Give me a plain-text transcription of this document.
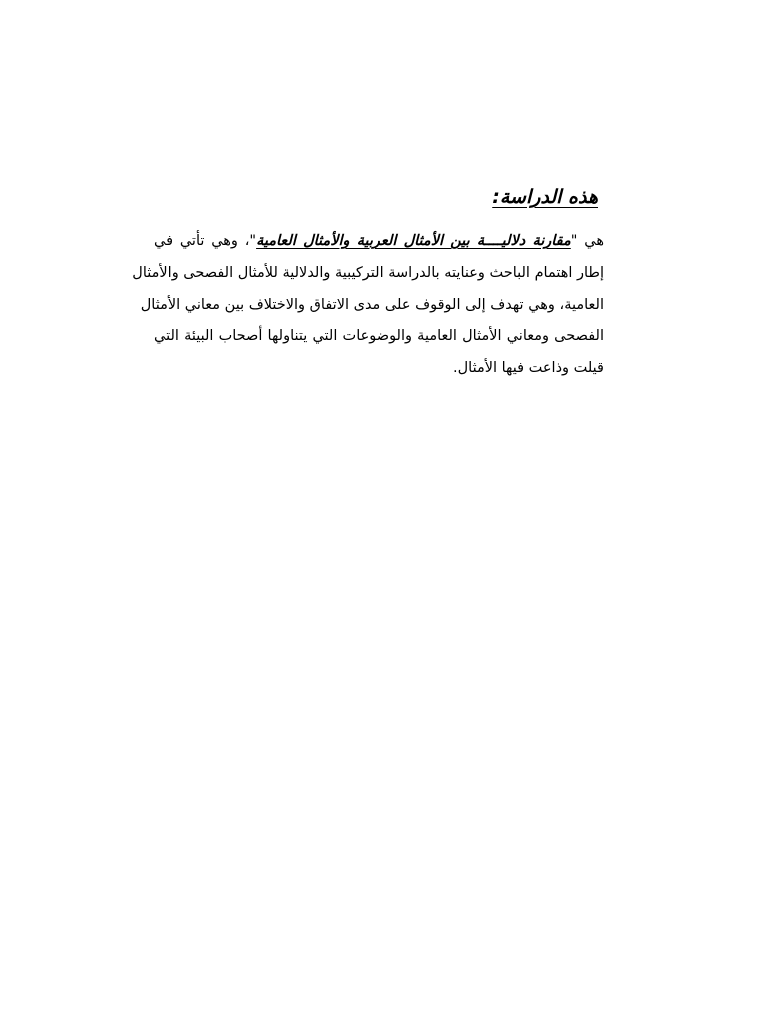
هذه الدراسة:
هي "مقارنة دلاليــــة بين الأمثال العربية والأمثال العامية"، وهي تأتي في
إطار اهتمام الباحث وعنايته بالدراسة التركيبية والدلالية للأمثال الفصحى والأمثال
العامية، وهي تهدف إلى الوقوف على مدى الاتفاق والاختلاف بين معاني الأمثال
الفصحى ومعاني الأمثال العامية والوضوعات التي يتناولها أصحاب البيئة التي
قيلت وذاعت فيها الأمثال.
